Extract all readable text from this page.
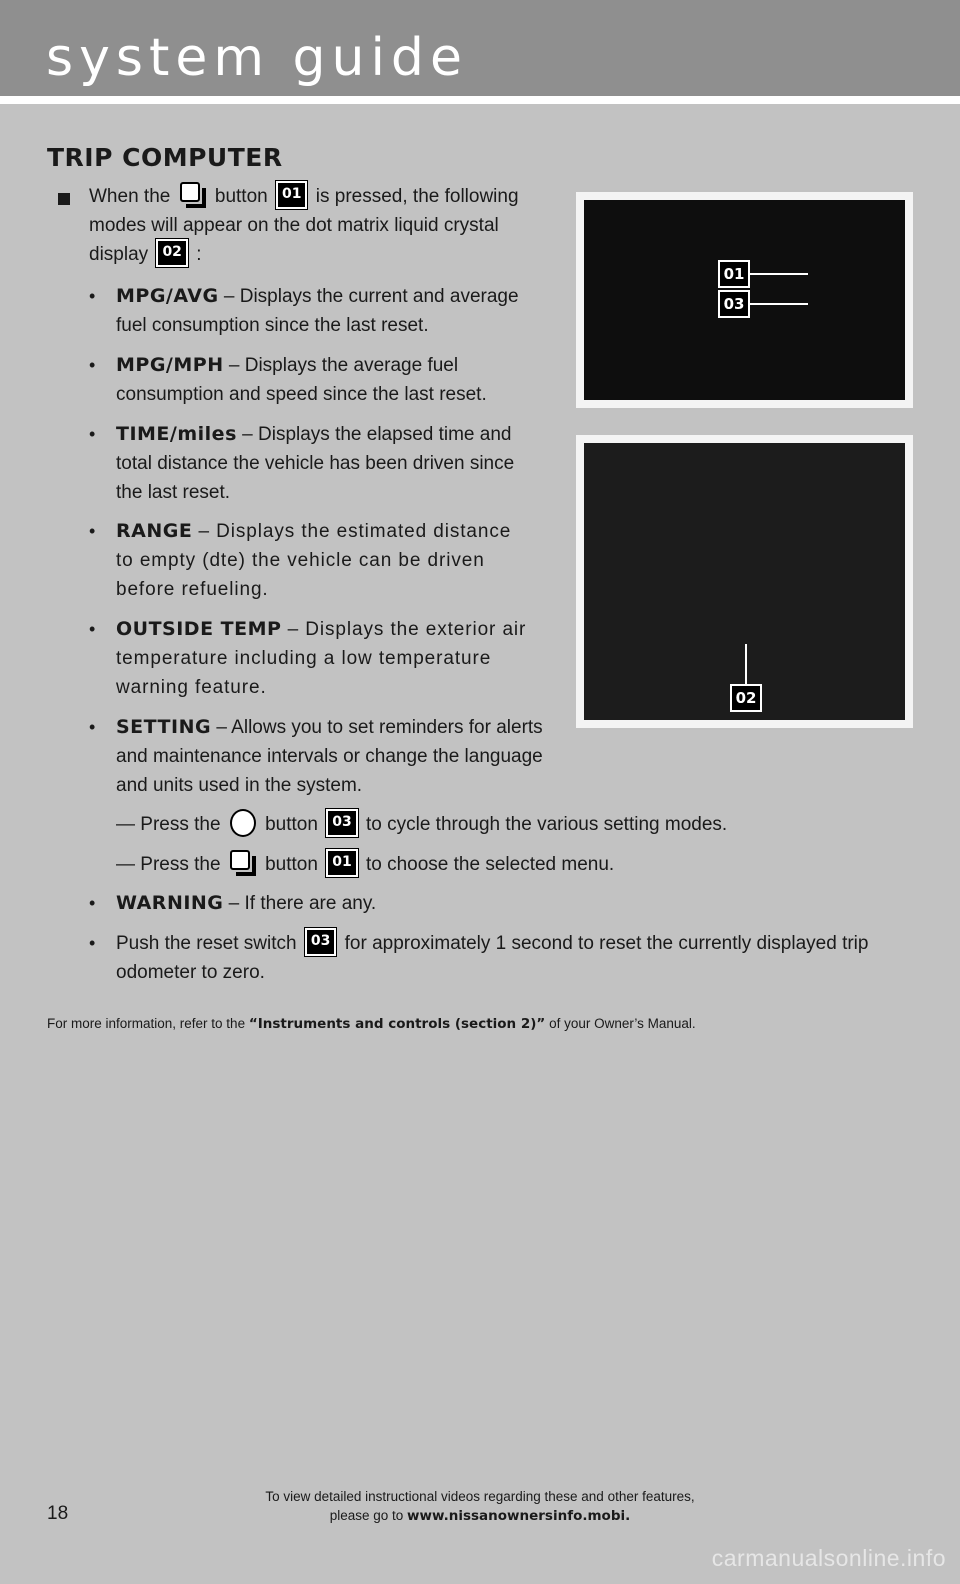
system guide
TRIP COMPUTER
When the button 01 is pressed, the following
modes will appear on the dot matrix liquid crystal
display 02 :
• MPG/AVG – Displays the current and average
fuel consumption since the last reset.
• MPG/MPH – Displays the average fuel
consumption and speed since the last reset.
• TIME/miles – Displays the elapsed time and
total distance the vehicle has been driven since
the last reset.
• RANGE – Displays the estimated distance
to empty (dte) the vehicle can be driven
before refueling.
• OUTSIDE TEMP – Displays the exterior air
temperature including a low temperature
warning feature.
• SETTING – Allows you to set reminders for alerts
and maintenance intervals or change the language
and units used in the system.
— Press the button 03 to cycle through the various setting modes.
— Press the button 01 to choose the selected menu.
• WARNING – If there are any.
• Push the reset switch 03 for approximately 1 second to reset the currently displayed trip
odometer to zero.
For more information, refer to the “Instruments and controls (section 2)” of your Owner’s Manual.
01
03
02
To view detailed instructional videos regarding these and other features,
please go to www.nissanownersinfo.mobi.
18
carmanualsonline.info
